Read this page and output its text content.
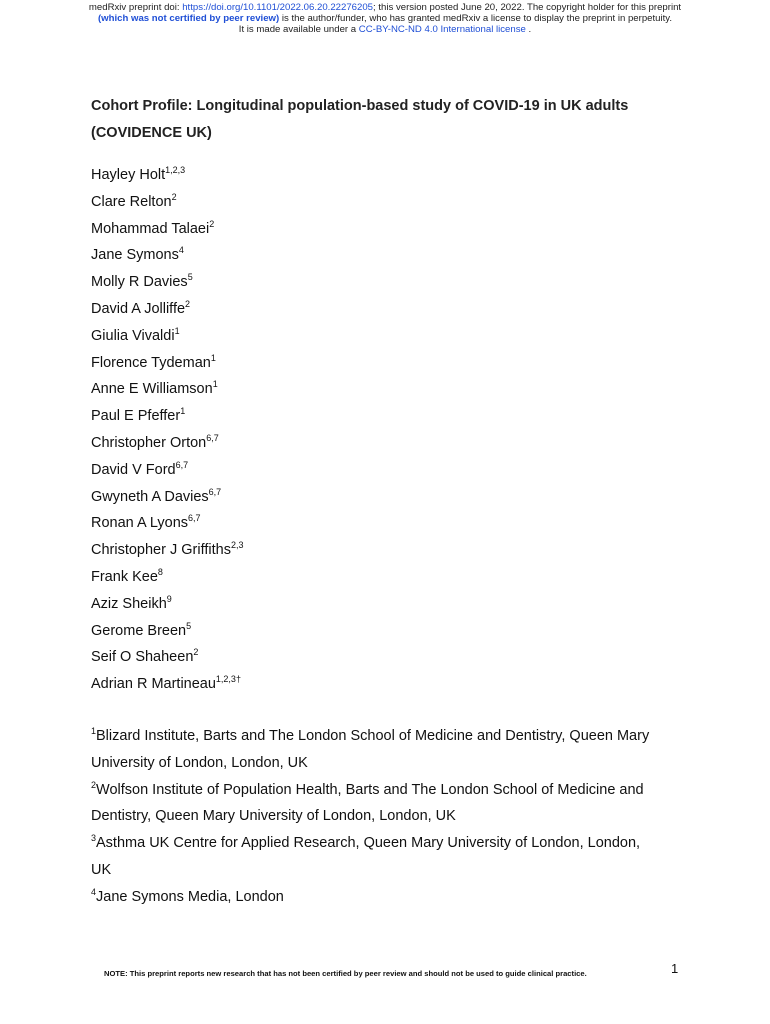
medRxiv preprint doi: https://doi.org/10.1101/2022.06.20.22276205; this version posted June 20, 2022. The copyright holder for this preprint
(which was not certified by peer review) is the author/funder, who has granted medRxiv a license to display the preprint in perpetuity.
It is made available under a CC-BY-NC-ND 4.0 International license .
Cohort Profile: Longitudinal population-based study of COVID-19 in UK adults
(COVIDENCE UK)
Hayley Holt$^{1,2,3}$
Clare Relton$^2$
Mohammad Talaei$^2$
Jane Symons$^4$
Molly R Davies$^5$
David A Jolliffe$^2$
Giulia Vivaldi$^1$
Florence Tydeman$^1$
Anne E Williamson$^1$
Paul E Pfeffer$^1$
Christopher Orton$^{6,7}$
David V Ford$^{6,7}$
Gwyneth A Davies$^{6,7}$
Ronan A Lyons$^{6,7}$
Christopher J Griffiths$^{2,3}$
Frank Kee$^8$
Aziz Sheikh$^9$
Gerome Breen$^5$
Seif O Shaheen$^2$
Adrian R Martineau$^{1,2,3\dagger}$
$^1$Blizard Institute, Barts and The London School of Medicine and Dentistry, Queen Mary
University of London, London, UK
$^2$Wolfson Institute of Population Health, Barts and The London School of Medicine and
Dentistry, Queen Mary University of London, London, UK
$^3$Asthma UK Centre for Applied Research, Queen Mary University of London, London,
UK
$^4$Jane Symons Media, London
NOTE: This preprint reports new research that has not been certified by peer review and should not be used to guide clinical practice.	1
